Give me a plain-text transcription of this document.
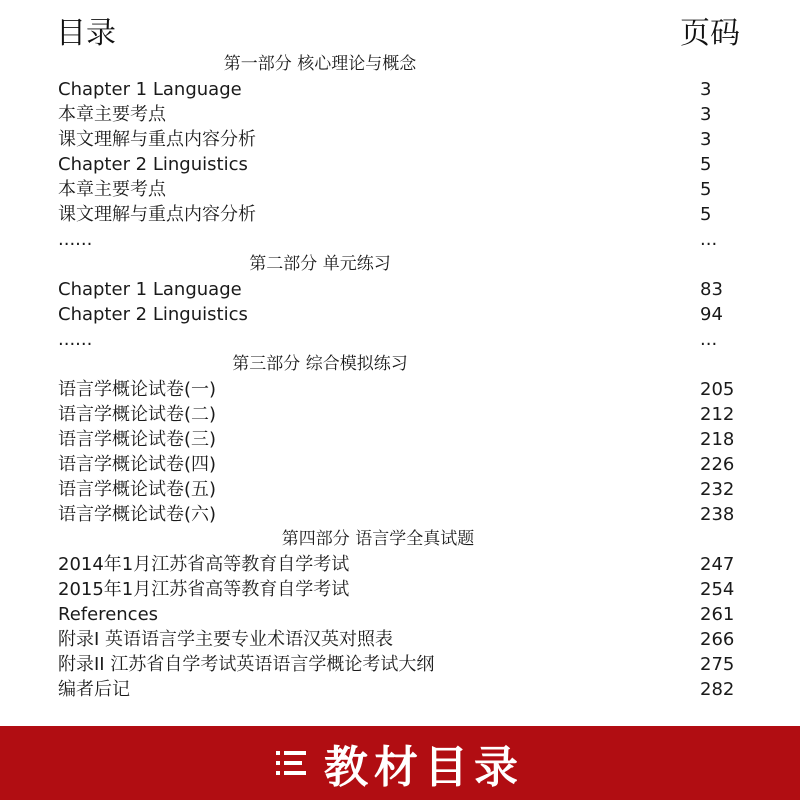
目录	页码
第一部分 核心理论与概念
Chapter 1 Language	3
本章主要考点	3
课文理解与重点内容分析	3
Chapter 2 Linguistics	5
本章主要考点	5
课文理解与重点内容分析	5
......	...
第二部分 单元练习
Chapter 1 Language	83
Chapter 2 Linguistics	94
......	...
第三部分 综合模拟练习
语言学概论试卷(一)	205
语言学概论试卷(二)	212
语言学概论试卷(三)	218
语言学概论试卷(四)	226
语言学概论试卷(五)	232
语言学概论试卷(六)	238
第四部分 语言学全真试题
2014年1月江苏省高等教育自学考试	247
2015年1月江苏省高等教育自学考试	254
References	261
附录I 英语语言学主要专业术语汉英对照表	266
附录II 江苏省自学考试英语语言学概论考试大纲	275
编者后记	282
教材目录
